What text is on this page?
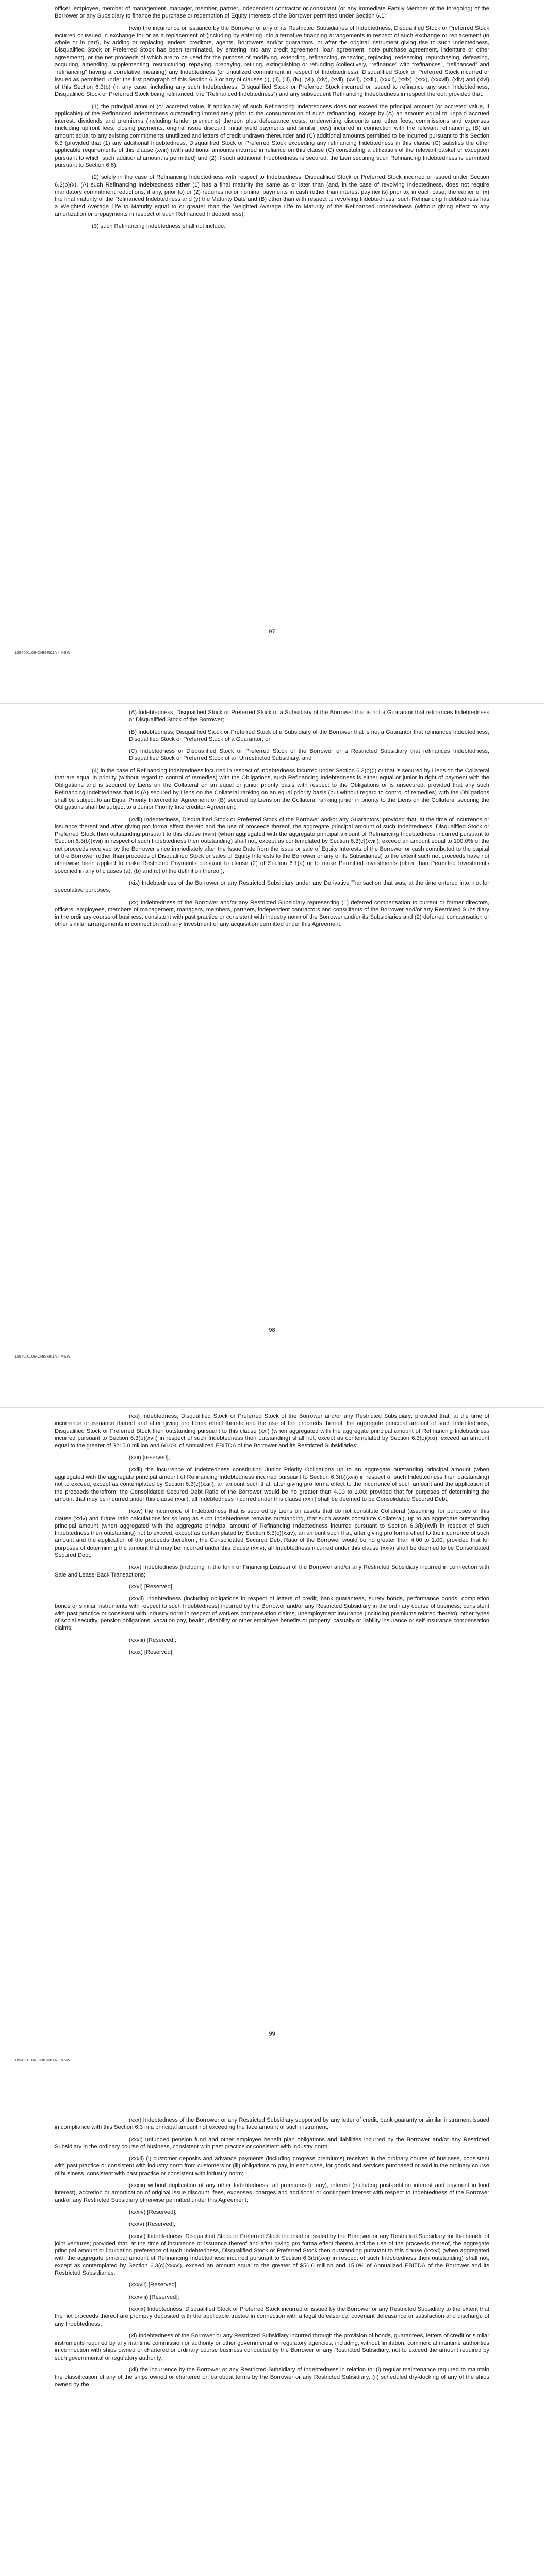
officer, employee, member of management, manager, member, partner, independent contractor or consultant (or any Immediate Family Member of the foregoing) of the Borrower or any Subsidiary to finance the purchase or redemption of Equity Interests of the Borrower permitted under Section 6.1;

(xvii) the incurrence or issuance by the Borrower or any of its Restricted Subsidiaries of Indebtedness, Disqualified Stock or Preferred Stock incurred or issued in exchange for or as a replacement of (including by entering into alternative financing arrangements in respect of such exchange or replacement (in whole or in part), by adding or replacing lenders, creditors, agents, Borrowers and/or guarantors, or after the original instrument giving rise to such Indebtedness, Disqualified Stock or Preferred Stock has been terminated, by entering into any credit agreement, loan agreement, note purchase agreement, indenture or other agreement), or the net proceeds of which are to be used for the purpose of modifying, extending, refinancing, renewing, replacing, redeeming, repurchasing, defeasing, acquiring, amending, supplementing, restructuring, repaying, prepaying, retiring, extinguishing or refunding (collectively, “refinance” with “refinances”, “refinanced” and “refinancing” having a correlative meaning) any Indebtedness (or unutilized commitment in respect of Indebtedness), Disqualified Stock or Preferred Stock incurred or issued as permitted under the first paragraph of this Section 6.3 or any of clauses (i), (ii), (iii), (iv), (vii), (xiv), (xvii), (xviii), (xxiii), (xxxii), (xxix), (xxx), (xxxvii), (xliv) and (xlvi) of this Section 6.3(b) (in any case, including any such Indebtedness, Disqualified Stock or Preferred Stock incurred or issued to refinance any such Indebtedness, Disqualified Stock or Preferred Stock being refinanced, the “Refinanced Indebtedness”) and any subsequent Refinancing Indebtedness in respect thereof; provided that:

(1) the principal amount (or accreted value, if applicable) of such Refinancing Indebtedness does not exceed the principal amount (or accreted value, if applicable) of the Refinanced Indebtedness outstanding immediately prior to the consummation of such refinancing, except by (A) an amount equal to unpaid accrued interest, dividends and premiums (including tender premiums) thereon plus defeasance costs, underwriting discounts and other fees, commissions and expenses (including upfront fees, closing payments, original issue discount, initial yield payments and similar fees) incurred in connection with the relevant refinancing, (B) an amount equal to any existing commitments unutilized and letters of credit undrawn thereunder and (C) additional amounts permitted to be incurred pursuant to this Section 6.3 (provided that (1) any additional Indebtedness, Disqualified Stock or Preferred Stock exceeding any refinancing Indebtedness in this clause (C) satisfies the other applicable requirements of this clause (xviii) (with additional amounts incurred in reliance on this clause (C) constituting a utilization of the relevant basket or exception pursuant to which such additional amount is permitted) and (2) if such additional Indebtedness is secured, the Lien securing such Refinancing Indebtedness is permitted pursuant to Section 6.6);

(2) solely in the case of Refinancing Indebtedness with respect to Indebtedness, Disqualified Stock or Preferred Stock incurred or issued under Section 6.3(b)(x), (A) such Refinancing Indebtedness either (1) has a final maturity the same as or later than (and, in the case of revolving Indebtedness, does not require mandatory commitment reductions, if any, prior to) or (2) requires no or nominal payments in cash (other than interest payments) prior to, in each case, the earlier of (x) the final maturity of the Refinanced Indebtedness and (y) the Maturity Date and (B) other than with respect to revolving Indebtedness, such Refinancing Indebtedness has a Weighted Average Life to Maturity equal to or greater than the Weighted Average Life to Maturity of the Refinanced Indebtedness (without giving effect to any amortization or prepayments in respect of such Refinanced Indebtedness);

(3) such Refinancing Indebtedness shall not include:

97
1094001.06-CHISR01A - MSW

(A) Indebtedness, Disqualified Stock or Preferred Stock of a Subsidiary of the Borrower that is not a Guarantor that refinances Indebtedness or Disqualified Stock of the Borrower;

(B) Indebtedness, Disqualified Stock or Preferred Stock of a Subsidiary of the Borrower that is not a Guarantor that refinances Indebtedness, Disqualified Stock or Preferred Stock of a Guarantor; or

(C) Indebtedness or Disqualified Stock or Preferred Stock of the Borrower or a Restricted Subsidiary that refinances Indebtedness, Disqualified Stock or Preferred Stock of an Unrestricted Subsidiary; and

(4) in the case of Refinancing Indebtedness incurred in respect of Indebtedness incurred under Section 6.3(b)(i) or that is secured by Liens on the Collateral that are equal in priority (without regard to control of remedies) with the Obligations, such Refinancing Indebtedness is either equal or junior in right of payment with the Obligations and is secured by Liens on the Collateral on an equal or junior priority basis with respect to the Obligations or is unsecured; provided that any such Refinancing Indebtedness that is (A) secured by Liens on the Collateral ranking on an equal priority basis (but without regard to control of remedies) with the Obligations shall be subject to an Equal Priority Intercreditor Agreement or (B) secured by Liens on the Collateral ranking junior in priority to the Liens on the Collateral securing the Obligations shall be subject to a Junior Priority Intercreditor Agreement;

(xviii) Indebtedness, Disqualified Stock or Preferred Stock of the Borrower and/or any Guarantors; provided that, at the time of incurrence or issuance thereof and after giving pro forma effect thereto and the use of proceeds thereof, the aggregate principal amount of such Indebtedness, Disqualified Stock or Preferred Stock then outstanding pursuant to this clause (xviii) (when aggregated with the aggregate principal amount of Refinancing Indebtedness incurred pursuant to Section 6.3(b)(xvii) in respect of such Indebtedness then outstanding) shall not, except as contemplated by Section 6.3(c)(xviii), exceed an amount equal to 100.0% of the net proceeds received by the Borrower since immediately after the Issue Date from the issue or sale of Equity Interests of the Borrower or cash contributed to the capital of the Borrower (other than proceeds of Disqualified Stock or sales of Equity Interests to the Borrower or any of its Subsidiaries) to the extent such net proceeds have not otherwise been applied to make Restricted Payments pursuant to clause (2) of Section 6.1(a) or to make Permitted Investments (other than Permitted Investments specified in any of clauses (a), (b) and (c) of the definition thereof);

(xix) Indebtedness of the Borrower or any Restricted Subsidiary under any Derivative Transaction that was, at the time entered into, not for speculative purposes;

(xx) Indebtedness of the Borrower and/or any Restricted Subsidiary representing (1) deferred compensation to current or former directors, officers, employees, members of management, managers, members, partners, independent contractors and consultants of the Borrower and/or any Restricted Subsidiary in the ordinary course of business, consistent with past practice or consistent with industry norm of the Borrower and/or its Subsidiaries and (2) deferred compensation or other similar arrangements in connection with any Investment or any acquisition permitted under this Agreement;

98
1094001.06-CHISR01A - MSW

(xxi) Indebtedness, Disqualified Stock or Preferred Stock of the Borrower and/or any Restricted Subsidiary; provided that, at the time of incurrence or issuance thereof and after giving pro forma effect thereto and the use of the proceeds thereof, the aggregate principal amount of such Indebtedness, Disqualified Stock or Preferred Stock then outstanding pursuant to this clause (xxi) (when aggregated with the aggregate principal amount of Refinancing Indebtedness incurred pursuant to Section 6.3(b)(xvii) in respect of such Indebtedness then outstanding) shall not, except as contemplated by Section 6.3(c)(xxi), exceed an amount equal to the greater of $215.0 million and 60.0% of Annualized EBITDA of the Borrower and its Restricted Subsidiaries;

(xxii) [reserved];

(xxiii) the incurrence of Indebtedness constituting Junior Priority Obligations up to an aggregate outstanding principal amount (when aggregated with the aggregate principal amount of Refinancing Indebtedness incurred pursuant to Section 6.3(b)(xvii) in respect of such Indebtedness then outstanding) not to exceed, except as contemplated by Section 6.3(c)(xxiii), an amount such that, after giving pro forma effect to the incurrence of such amount and the application of the proceeds therefrom, the Consolidated Secured Debt Ratio of the Borrower would be no greater than 4.00 to 1.00; provided that for purposes of determining the amount that may be incurred under this clause (xxiii), all Indebtedness incurred under this clause (xxiii) shall be deemed to be Consolidated Secured Debt;

(xxiv) the incurrence of Indebtedness that is secured by Liens on assets that do not constitute Collateral (assuming, for purposes of this clause (xxiv) and future ratio calculations for so long as such Indebtedness remains outstanding, that such assets constitute Collateral), up to an aggregate outstanding principal amount (when aggregated with the aggregate principal amount of Refinancing Indebtedness incurred pursuant to Section 6.3(b)(xvii) in respect of such Indebtedness then outstanding) not to exceed, except as contemplated by Section 6.3(c)(xxiv), an amount such that, after giving pro forma effect to the incurrence of such amount and the application of the proceeds therefrom, the Consolidated Secured Debt Ratio of the Borrower would be no greater than 4.00 to 1.00; provided that for purposes of determining the amount that may be incurred under this clause (xxiv), all Indebtedness incurred under this clause (xxiv) shall be deemed to be Consolidated Secured Debt;

(xxv) Indebtedness (including in the form of Financing Leases) of the Borrower and/or any Restricted Subsidiary incurred in connection with Sale and Lease-Back Transactions;

(xxvi) [Reserved];

(xxvii) Indebtedness (including obligations in respect of letters of credit, bank guarantees, surety bonds, performance bonds, completion bonds or similar instruments with respect to such Indebtedness) incurred by the Borrower and/or any Restricted Subsidiary in the ordinary course of business, consistent with past practice or consistent with industry norm in respect of workers compensation claims, unemployment insurance (including premiums related thereto), other types of social security, pension obligations, vacation pay, health, disability or other employee benefits or property, casualty or liability insurance or self-insurance compensation claims;

(xxviii) [Reserved];

(xxix) [Reserved];

99
1094001.06-CHISR01A - MSW

(xxx) Indebtedness of the Borrower or any Restricted Subsidiary supported by any letter of credit, bank guaranty or similar instrument issued in compliance with this Section 6.3 in a principal amount not exceeding the face amount of such instrument;

(xxxi) unfunded pension fund and other employee benefit plan obligations and liabilities incurred by the Borrower and/or any Restricted Subsidiary in the ordinary course of business, consistent with past practice or consistent with industry norm;

(xxxii) (i) customer deposits and advance payments (including progress premiums) received in the ordinary course of business, consistent with past practice or consistent with industry norm from customers or (iii) obligations to pay, in each case, for goods and services purchased or sold in the ordinary course of business, consistent with past practice or consistent with industry norm;

(xxxiii) without duplication of any other Indebtedness, all premiums (if any), interest (including post-petition interest and payment in kind interest), accretion or amortization of original issue discount, fees, expenses, charges and additional or contingent interest with respect to Indebtedness of the Borrower and/or any Restricted Subsidiary otherwise permitted under this Agreement;

(xxxiv) [Reserved];

(xxxv) [Reserved];

(xxxvi) Indebtedness, Disqualified Stock or Preferred Stock incurred or issued by the Borrower or any Restricted Subsidiary for the benefit of joint ventures; provided that, at the time of incurrence or issuance thereof and after giving pro forma effect thereto and the use of the proceeds thereof, the aggregate principal amount or liquidation preference of such Indebtedness, Disqualified Stock or Preferred Stock then outstanding pursuant to this clause (xxxvi) (when aggregated with the aggregate principal amount of Refinancing Indebtedness incurred pursuant to Section 6.3(b)(xvii) in respect of such Indebtedness then outstanding) shall not, except as contemplated by Section 6.3(c)(xxxvi), exceed an amount equal to the greater of $50.0 million and 15.0% of Annualized EBITDA of the Borrower and its Restricted Subsidiaries;

(xxxvii) [Reserved];

(xxxviii) [Reserved];

(xxxix) Indebtedness, Disqualified Stock or Preferred Stock incurred or issued by the Borrower or any Restricted Subsidiary to the extent that the net proceeds thereof are promptly deposited with the applicable trustee in connection with a legal defeasance, covenant defeasance or satisfaction and discharge of any Indebtedness;

(xl) Indebtedness of the Borrower or any Restricted Subsidiary incurred through the provision of bonds, guarantees, letters of credit or similar instruments required by any maritime commission or authority or other governmental or regulatory agencies, including, without limitation, commercial maritime authorities in connection with ships owned or chartered or ordinary course business conducted by the Borrower or any Restricted Subsidiary, not to exceed the amount required by such governmental or regulatory authority;

(xli) the incurrence by the Borrower or any Restricted Subsidiary of Indebtedness in relation to: (i) regular maintenance required to maintain the classification of any of the ships owned or chartered on bareboat terms by the Borrower or any Restricted Subsidiary; (ii) scheduled dry-docking of any of the ships owned by the
